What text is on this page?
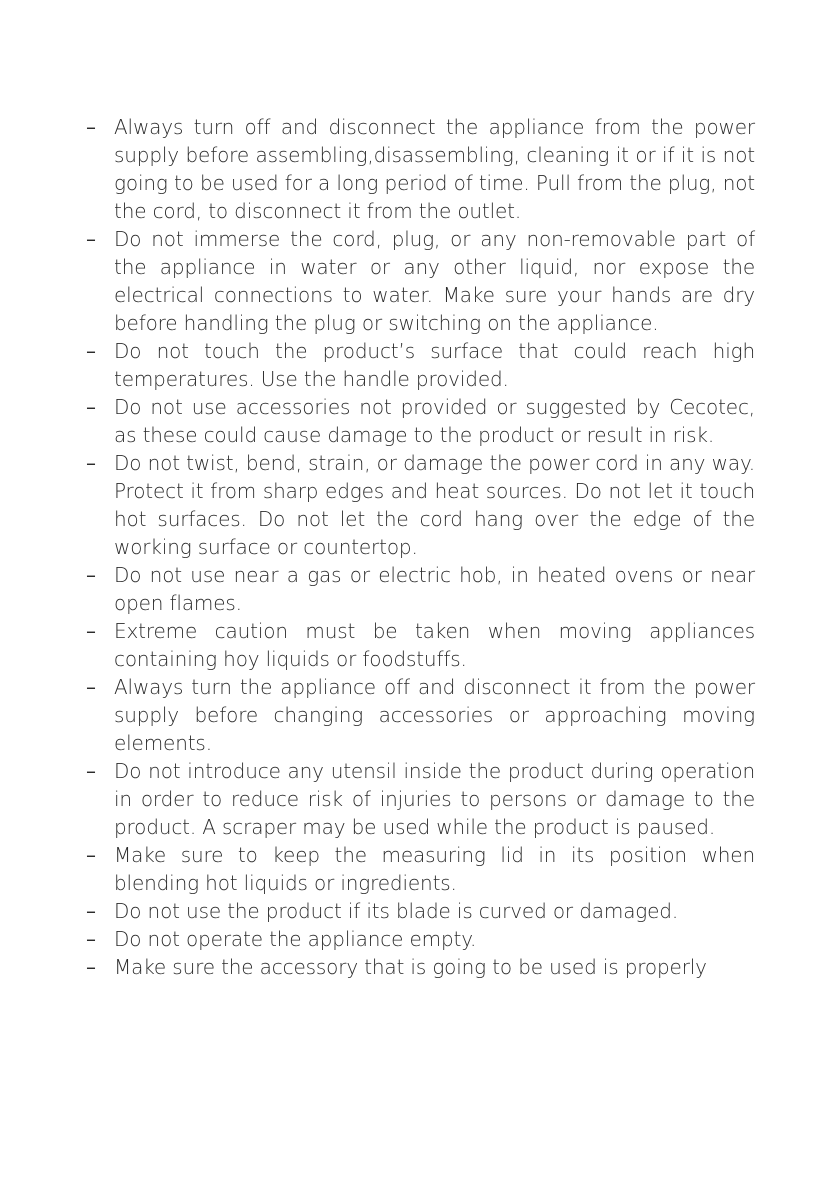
– Always turn off and disconnect the appliance from the power supply before assembling,disassembling, cleaning it or if it is not going to be used for a long period of time. Pull from the plug, not the cord, to disconnect it from the outlet.
– Do not immerse the cord, plug, or any non-removable part of the appliance in water or any other liquid, nor expose the electrical connections to water. Make sure your hands are dry before handling the plug or switching on the appliance.
– Do not touch the product’s surface that could reach high temperatures. Use the handle provided.
– Do not use accessories not provided or suggested by Cecotec, as these could cause damage to the product or result in risk.
– Do not twist, bend, strain, or damage the power cord in any way. Protect it from sharp edges and heat sources. Do not let it touch hot surfaces. Do not let the cord hang over the edge of the working surface or countertop.
– Do not use near a gas or electric hob, in heated ovens or near open flames.
– Extreme caution must be taken when moving appliances containing hoy liquids or foodstuffs.
– Always turn the appliance off and disconnect it from the power supply before changing accessories or approaching moving elements.
– Do not introduce any utensil inside the product during operation in order to reduce risk of injuries to persons or damage to the product. A scraper may be used while the product is paused.
– Make sure to keep the measuring lid in its position when blending hot liquids or ingredients.
– Do not use the product if its blade is curved or damaged.
– Do not operate the appliance empty.
– Make sure the accessory that is going to be used is properly
